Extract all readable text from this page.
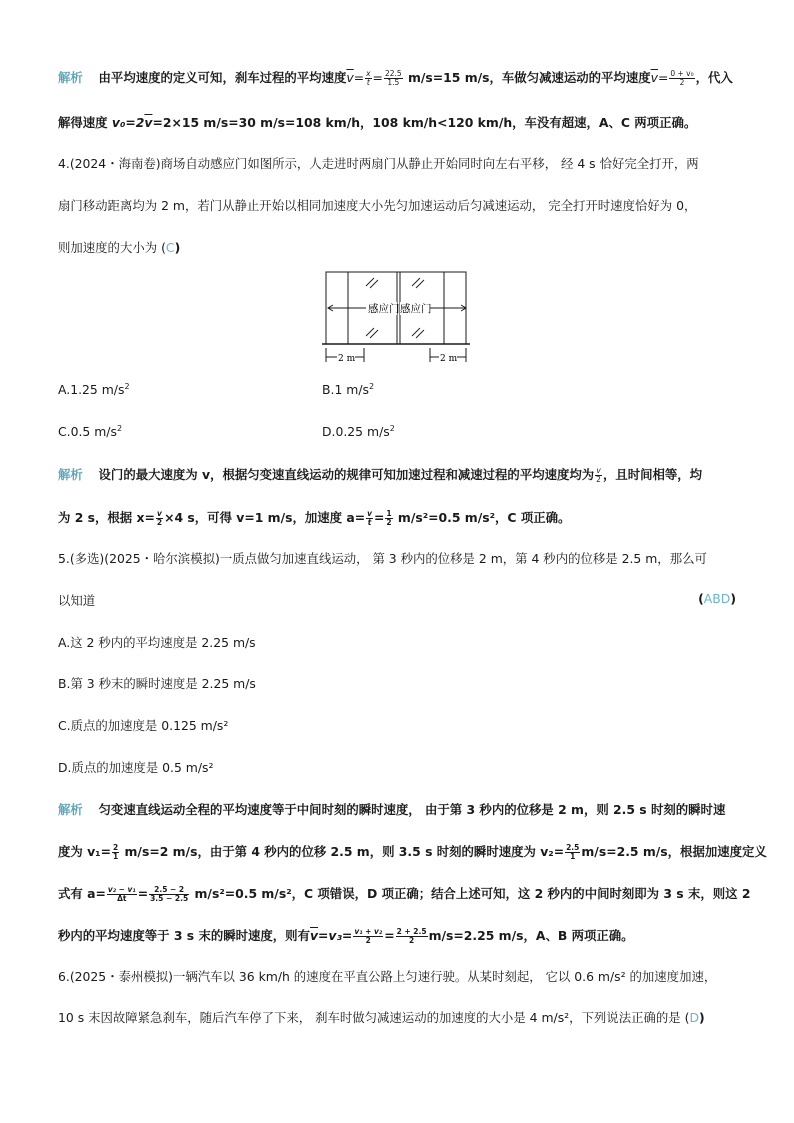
解析 由平均速度的定义可知，刹车过程的平均速度$\overline{v}= \frac{x}{t} = \frac{22.5}{1.5} m/s=15$ m/s，车做匀减速运动的平均速度$\overline{v}= \frac{\text{0 + v₀}}{2}$ ，代入
解得速度 $v_0=2\overline{v}=2\times 15$ m/s=30 m/s=108 km/h，108 km/h<120 km/h，车没有超速，A、C 两项正确。
4.(2024・海南卷)商场自动感应门如图所示，人走进时两扇门从静止开始同时向左右平移， 经 4 s 恰好完全打开，两
扇门移动距离均为 2 m，若门从静止开始以相同加速度大小先匀加速运动后匀减速运动， 完全打开时速度恰好为 0，
则加速度的大小为 (C)
感应门 感应门
2 m	2 m
A.1.25 $m/s^2$	B.1 $m/s^2$
C.0.5 $m/s^2$	D.0.25 $m/s^2$
解析 设门的最大速度为 v，根据匀变速直线运动的规律可知加速过程和减速过程的平均速度均为 $\frac{v}{2}$ ，且时间相等，均
为 2 s，根据 $x= \frac{v}{2} \times 4$ s，可得 v=1 m/s，加速度 $a= \frac{v}{t} = \frac{1}{2} m/s^2=0.5$ m/s²，C 项正确。
5.(多选)(2025・哈尔滨模拟)一质点做匀加速直线运动， 第 3 秒内的位移是 2 m，第 4 秒内的位移是 2.5 m，那么可
以知道	(ABD)
A.这 2 秒内的平均速度是 2.25 m/s
B.第 3 秒末的瞬时速度是 2.25 m/s
C.质点的加速度是 0.125 m/s²
D.质点的加速度是 0.5 m/s²
解析 匀变速直线运动全程的平均速度等于中间时刻的瞬时速度， 由于第 3 秒内的位移是 2 m，则 2.5 s 时刻的瞬时速
度为 $v_1= \frac{2}{1} m/s=2$ m/s，由于第 4 秒内的位移 2.5 m，则 3.5 s 时刻的瞬时速度为 $v_2= \frac{2.5}{1} m/s=2.5$ m/s，根据加速度定义
式有 $a= \frac{\text{v₂ − v₁}}{\Delta t} = \frac{2.5 - 2}{3.5 - 2.5} m/s^2=0.5$ m/s²，C 项错误，D 项正确；结合上述可知，这 2 秒内的中间时刻即为 3 s 末，则这 2
秒内的平均速度等于 3 s 末的瞬时速度，则有$\overline{v}=v_3= \frac{\text{v₁ + v₂}}{2} = \frac{2 + 2.5}{2} m/s=2.25$ m/s，A、B 两项正确。
6.(2025・泰州模拟)一辆汽车以 36 km/h 的速度在平直公路上匀速行驶。从某时刻起， 它以 0.6 m/s² 的加速度加速，
10 s 末因故障紧急刹车，随后汽车停了下来， 刹车时做匀减速运动的加速度的大小是 4 m/s²，下列说法正确的是 (D)
